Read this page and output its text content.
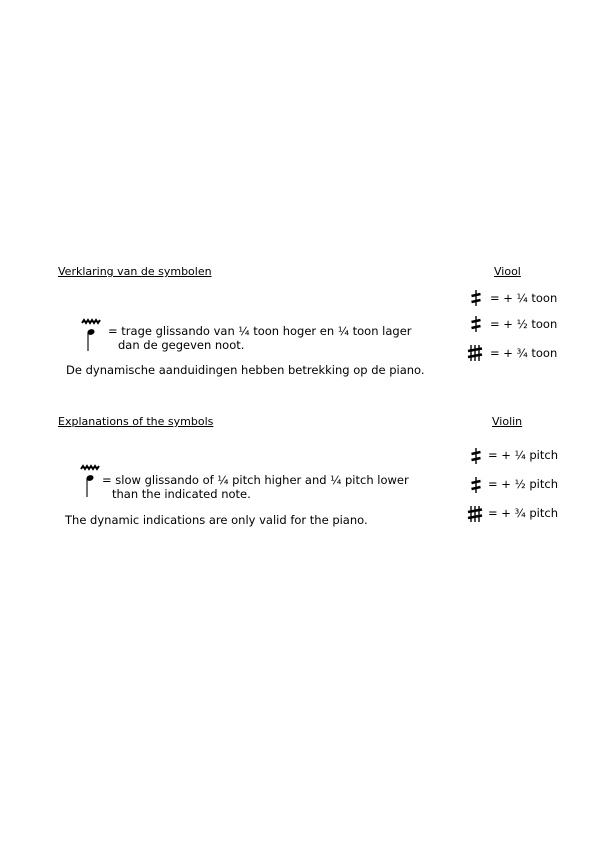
Verklaring van de symbolen	Viool
= + ¼ toon
= + ½ toon
= + ¾ toon
= trage glissando van ¼ toon hoger en ¼ toon lager
dan de gegeven noot.
De dynamische aanduidingen hebben betrekking op de piano.
Explanations of the symbols	Violin
= + ¼ pitch
= + ½ pitch
= + ¾ pitch
= slow glissando of ¼ pitch higher and ¼ pitch lower
than the indicated note.
The dynamic indications are only valid for the piano.
